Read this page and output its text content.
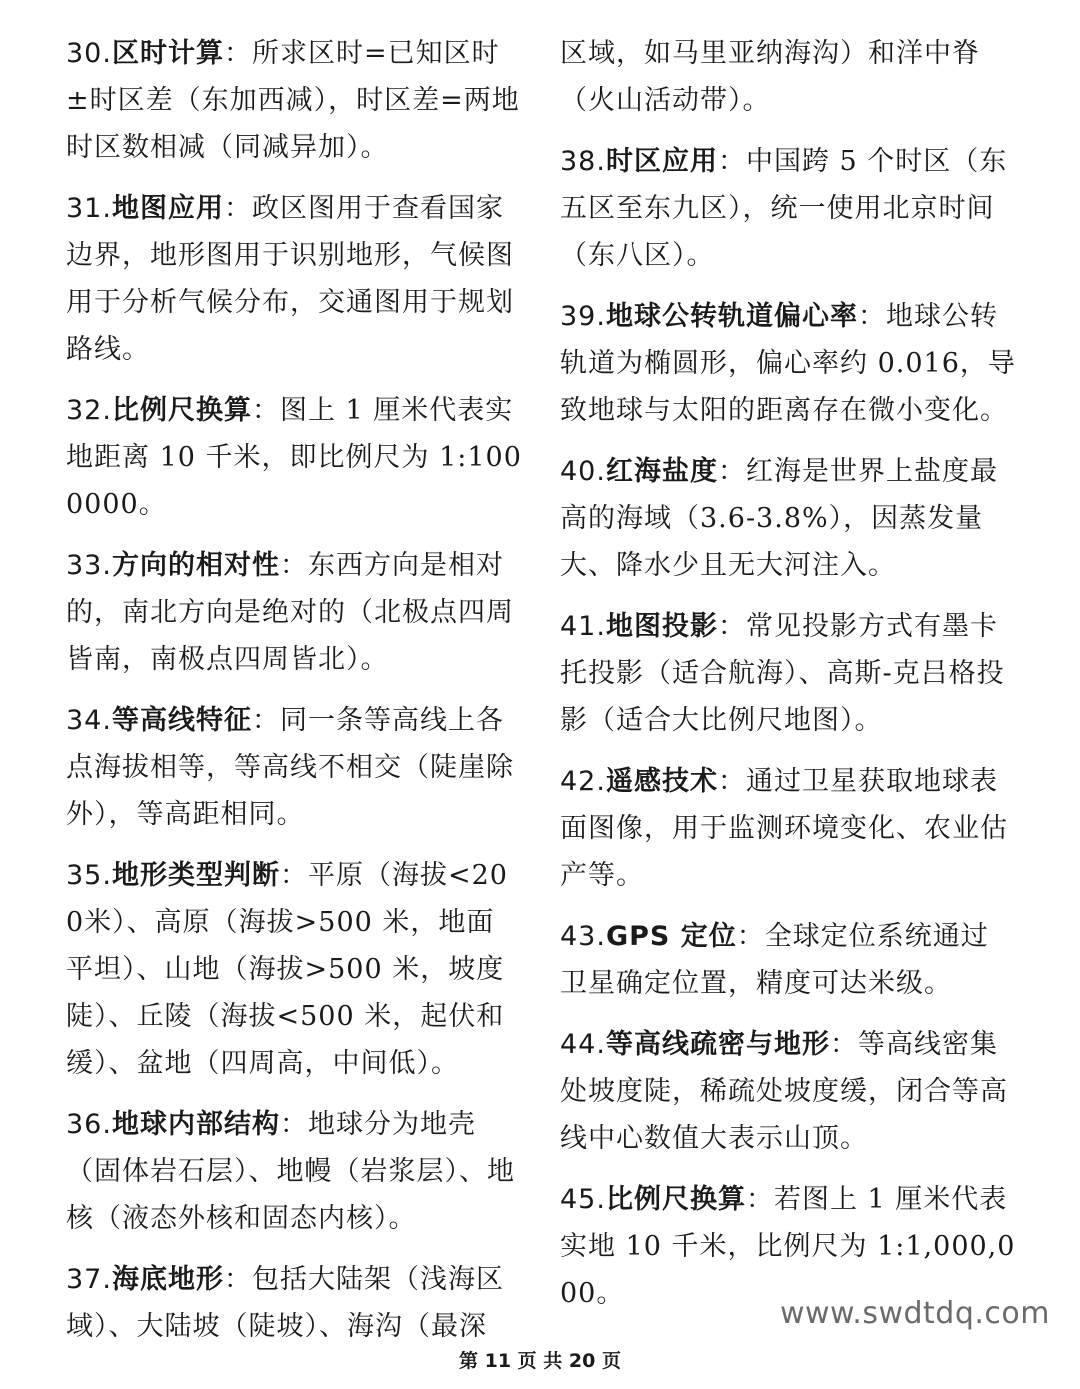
30.区时计算：所求区时=已知区时±时区差（东加西减），时区差=两地时区数相减（同减异加）。

31.地图应用：政区图用于查看国家边界，地形图用于识别地形，气候图用于分析气候分布，交通图用于规划路线。

32.比例尺换算：图上 1 厘米代表实地距离 10 千米，即比例尺为 1:1000000。

33.方向的相对性：东西方向是相对的，南北方向是绝对的（北极点四周皆南，南极点四周皆北）。

34.等高线特征：同一条等高线上各点海拔相等，等高线不相交（陡崖除外），等高距相同。

35.地形类型判断：平原（海拔<200米）、高原（海拔>500 米，地面平坦）、山地（海拔>500 米，坡度陡）、丘陵（海拔<500 米，起伏和缓）、盆地（四周高，中间低）。

36.地球内部结构：地球分为地壳（固体岩石层）、地幔（岩浆层）、地核（液态外核和固态内核）。

37.海底地形：包括大陆架（浅海区域）、大陆坡（陡坡）、海沟（最深

区域，如马里亚纳海沟）和洋中脊（火山活动带）。

38.时区应用：中国跨 5 个时区（东五区至东九区），统一使用北京时间（东八区）。

39.地球公转轨道偏心率：地球公转轨道为椭圆形，偏心率约 0.016，导致地球与太阳的距离存在微小变化。

40.红海盐度：红海是世界上盐度最高的海域（3.6-3.8%），因蒸发量大、降水少且无大河注入。

41.地图投影：常见投影方式有墨卡托投影（适合航海）、高斯-克吕格投影（适合大比例尺地图）。

42.遥感技术：通过卫星获取地球表面图像，用于监测环境变化、农业估产等。

43.GPS 定位：全球定位系统通过卫星确定位置，精度可达米级。

44.等高线疏密与地形：等高线密集处坡度陡，稀疏处坡度缓，闭合等高线中心数值大表示山顶。

45.比例尺换算：若图上 1 厘米代表实地 10 千米，比例尺为 1:1,000,000。

www.swdtdq.com
第 11 页 共 20 页
